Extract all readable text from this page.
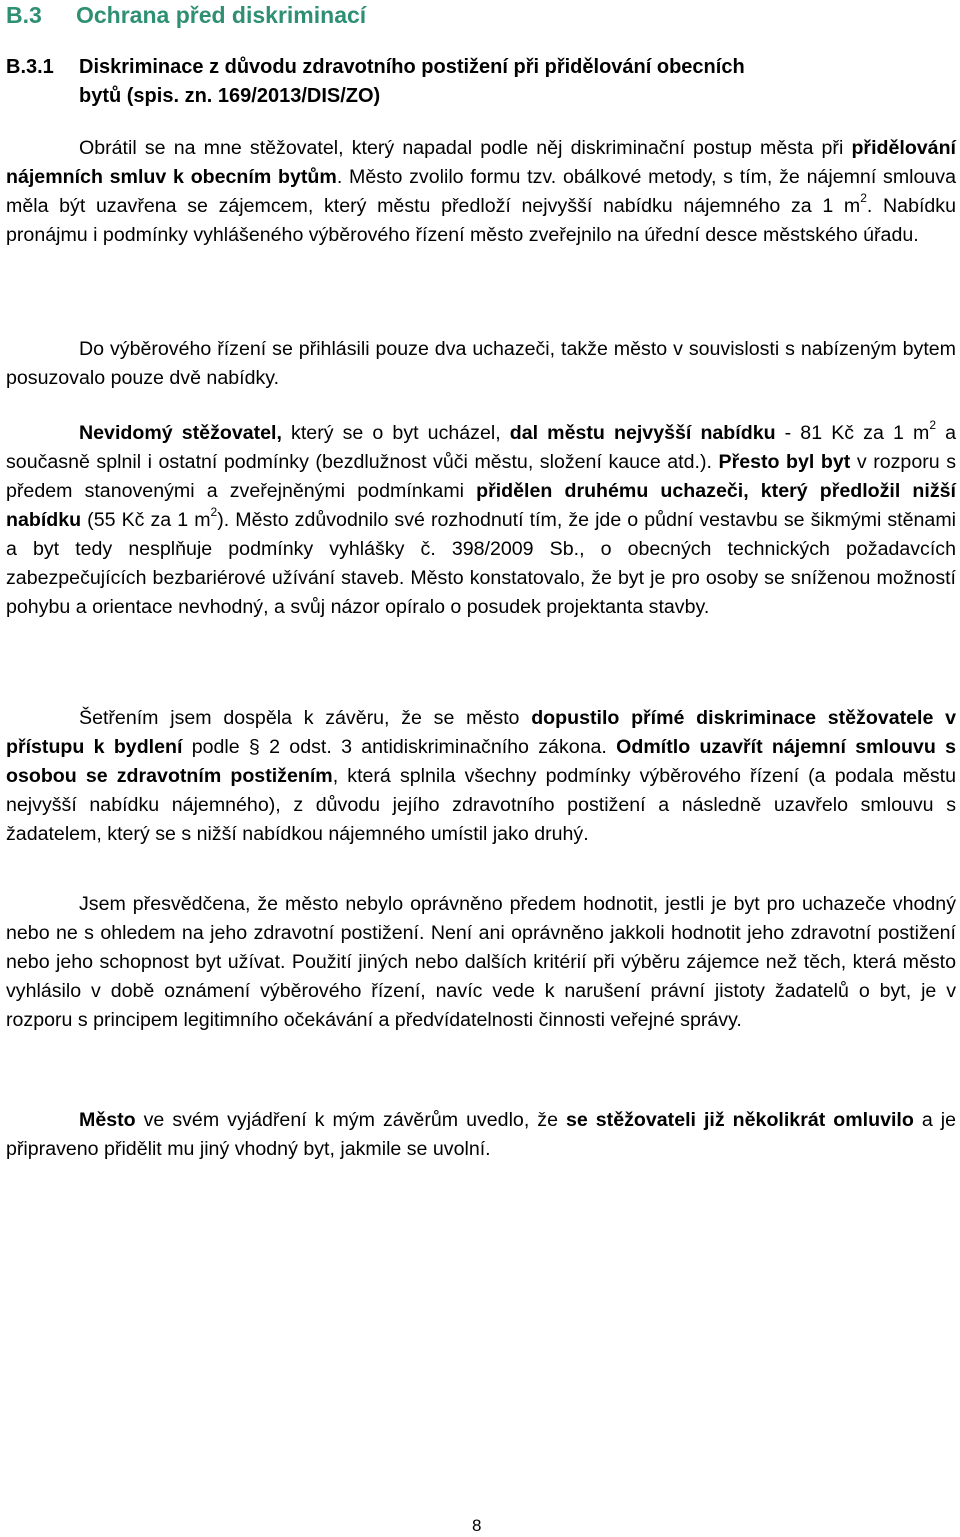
B.3 Ochrana před diskriminací
B.3.1 Diskriminace z důvodu zdravotního postižení při přidělování obecních
bytů (spis. zn. 169/2013/DIS/ZO)
Obrátil se na mne stěžovatel, který napadal podle něj diskriminační postup města při přidělování nájemních smluv k obecním bytům. Město zvolilo formu tzv. obálkové metody, s tím, že nájemní smlouva měla být uzavřena se zájemcem, který městu předloží nejvyšší nabídku nájemného za 1 $m^2$. Nabídku pronájmu i podmínky vyhlášeného výběrového řízení město zveřejnilo na úřední desce městského úřadu.
Do výběrového řízení se přihlásili pouze dva uchazeči, takže město v souvislosti s nabízeným bytem posuzovalo pouze dvě nabídky.
Nevidomý stěžovatel, který se o byt ucházel, dal městu nejvyšší nabídku - 81 Kč za 1 $m^2$ a současně splnil i ostatní podmínky (bezdlužnost vůči městu, složení kauce atd.). Přesto byl byt v rozporu s předem stanovenými a zveřejněnými podmínkami přidělen druhému uchazeči, který předložil nižší nabídku (55 Kč za 1 $m^2$). Město zdůvodnilo své rozhodnutí tím, že jde o půdní vestavbu se šikmými stěnami a byt tedy nesplňuje podmínky vyhlášky č. 398/2009 Sb., o obecných technických požadavcích zabezpečujících bezbariérové užívání staveb. Město konstatovalo, že byt je pro osoby se sníženou možností pohybu a orientace nevhodný, a svůj názor opíralo o posudek projektanta stavby.
Šetřením jsem dospěla k závěru, že se město dopustilo přímé diskriminace stěžovatele v přístupu k bydlení podle § 2 odst. 3 antidiskriminačního zákona. Odmítlo uzavřít nájemní smlouvu s osobou se zdravotním postižením, která splnila všechny podmínky výběrového řízení (a podala městu nejvyšší nabídku nájemného), z důvodu jejího zdravotního postižení a následně uzavřelo smlouvu s žadatelem, který se s nižší nabídkou nájemného umístil jako druhý.
Jsem přesvědčena, že město nebylo oprávněno předem hodnotit, jestli je byt pro uchazeče vhodný nebo ne s ohledem na jeho zdravotní postižení. Není ani oprávněno jakkoli hodnotit jeho zdravotní postižení nebo jeho schopnost byt užívat. Použití jiných nebo dalších kritérií při výběru zájemce než těch, která město vyhlásilo v době oznámení výběrového řízení, navíc vede k narušení právní jistoty žadatelů o byt, je v rozporu s principem legitimního očekávání a předvídatelnosti činnosti veřejné správy.
Město ve svém vyjádření k mým závěrům uvedlo, že se stěžovateli již několikrát omluvilo a je připraveno přidělit mu jiný vhodný byt, jakmile se uvolní.
8
